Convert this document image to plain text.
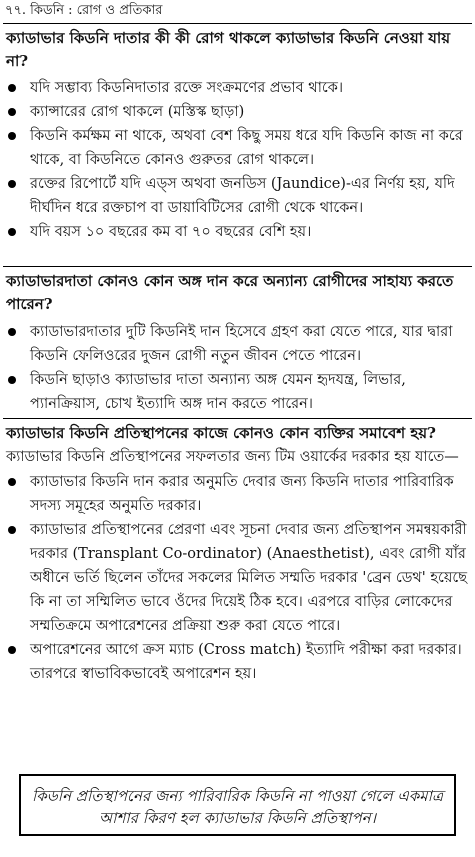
৭৭. কিডনি : রোগ ও প্রতিকার
ক্যাডাভার কিডনি দাতার কী কী রোগ থাকলে ক্যাডাভার কিডনি নেওয়া যায় না?
যদি সম্ভাব্য কিডনিদাতার রক্তে সংক্রমণের প্রভাব থাকে।
ক্যান্সারের রোগ থাকলে (মস্তিস্ক ছাড়া)
কিডনি কর্মক্ষম না থাকে, অথবা বেশ কিছু সময় ধরে যদি কিডনি কাজ না করে থাকে, বা কিডনিতে কোনও গুরুতর রোগ থাকলে।
রক্তের রিপোর্টে যদি এড্‌স অথবা জনডিস (Jaundice)-এর নির্ণয় হয়, যদি দীর্ঘদিন ধরে রক্তচাপ বা ডায়াবিটিসের রোগী থেকে থাকেন।
যদি বয়স ১০ বছরের কম বা ৭০ বছরের বেশি হয়।
ক্যাডাভারদাতা কোনও কোন অঙ্গ দান করে অন্যান্য রোগীদের সাহায্য করতে পারেন?
ক্যাডাভারদাতার দুটি কিডনিই দান হিসেবে গ্রহণ করা যেতে পারে, যার দ্বারা কিডনি ফেলিওরের দুজন রোগী নতুন জীবন পেতে পারেন।
কিডনি ছাড়াও ক্যাডাভার দাতা অন্যান্য অঙ্গ যেমন হৃদযন্ত্র, লিভার, প্যানক্রিয়াস, চোখ ইত্যাদি অঙ্গ দান করতে পারেন।
ক্যাডাভার কিডনি প্রতিস্থাপনের কাজে কোনও কোন ব্যক্তির সমাবেশ হয়?
ক্যাডাভার কিডনি প্রতিস্থাপনের সফলতার জন্য টিম ওয়ার্কের দরকার হয় যাতে—
ক্যাডাভার কিডনি দান করার অনুমতি দেবার জন্য কিডনি দাতার পারিবারিক সদস্য সমূহের অনুমতি দরকার।
ক্যাডাভার প্রতিস্থাপনের প্রেরণা এবং সূচনা দেবার জন্য প্রতিস্থাপন সমন্বয়কারী দরকার (Transplant Co-ordinator) (Anaesthetist), এবং রোগী যাঁর অধীনে ভর্তি ছিলেন তাঁদের সকলের মিলিত সম্মতি দরকার 'ব্রেন ডেথ' হয়েছে কি না তা সম্মিলিত ভাবে ওঁদের দিয়েই ঠিক হবে। এরপরে বাড়ির লোকেদের সম্মতিক্রমে অপারেশনের প্রক্রিয়া শুরু করা যেতে পারে।
অপারেশনের আগে ক্রস ম্যাচ (Cross match) ইত্যাদি পরীক্ষা করা দরকার। তারপরে স্বাভাবিকভাবেই অপারেশন হয়।
কিডনি প্রতিস্থাপনের জন্য পারিবারিক কিডনি না পাওয়া গেলে একমাত্র আশার কিরণ হল ক্যাডাভার কিডনি প্রতিস্থাপন।
